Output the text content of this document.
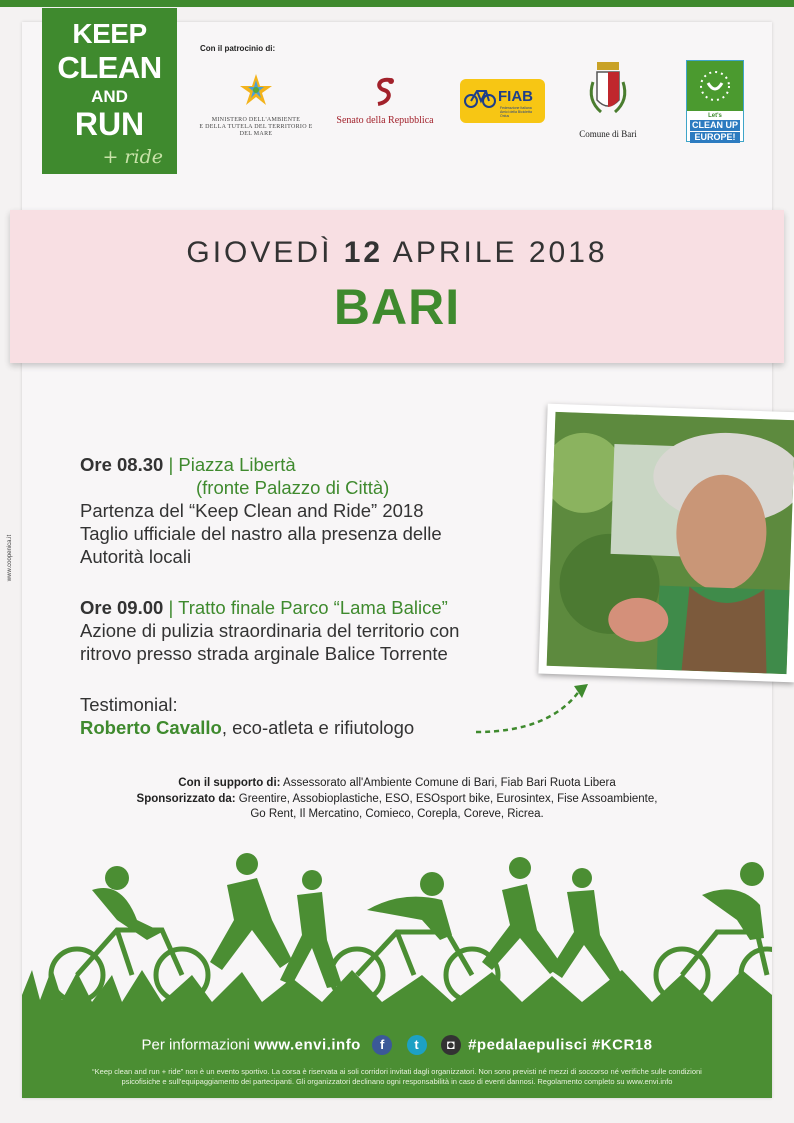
KEEP
CLEAN
AND
RUN
+ ride
Con il patrocinio di:
MINISTERO DELL'AMBIENTE
E DELLA TUTELA DEL TERRITORIO E DEL MARE
Senato della Repubblica
FIAB
Federazione Italiana Amici della Bicicletta Onlus
Comune di Bari
Let's
CLEAN UP
EUROPE!
GIOVEDÌ 12 APRILE 2018
BARI
Ore 08.30 | Piazza Libertà
(fronte Palazzo di Città)
Partenza del “Keep Clean and Ride” 2018
Taglio ufficiale del nastro alla presenza delle
Autorità locali
Ore 09.00 | Tratto finale Parco “Lama Balice”
Azione di pulizia straordinaria del territorio con
ritrovo presso strada arginale Balice Torrente
Testimonial:
Roberto Cavallo, eco-atleta e rifiutologo
Con il supporto di: Assessorato all'Ambiente Comune di Bari, Fiab Bari Ruota Libera
Sponsorizzato da: Greentire, Assobioplastiche, ESO, ESOsport bike, Eurosintex, Fise Assoambiente,
Go Rent, Il Mercatino, Comieco, Corepla, Coreve, Ricrea.
Per informazioni www.envi.info f t ◘ #pedalaepulisci #KCR18
“Keep clean and run + ride” non è un evento sportivo. La corsa è riservata ai soli corridori invitati dagli organizzatori. Non sono previsti né mezzi di soccorso né verifiche sulle condizioni
psicofisiche e sull'equipaggiamento dei partecipanti. Gli organizzatori declinano ogni responsabilità in caso di eventi dannosi. Regolamento completo su www.envi.info
www.coopenica.it
